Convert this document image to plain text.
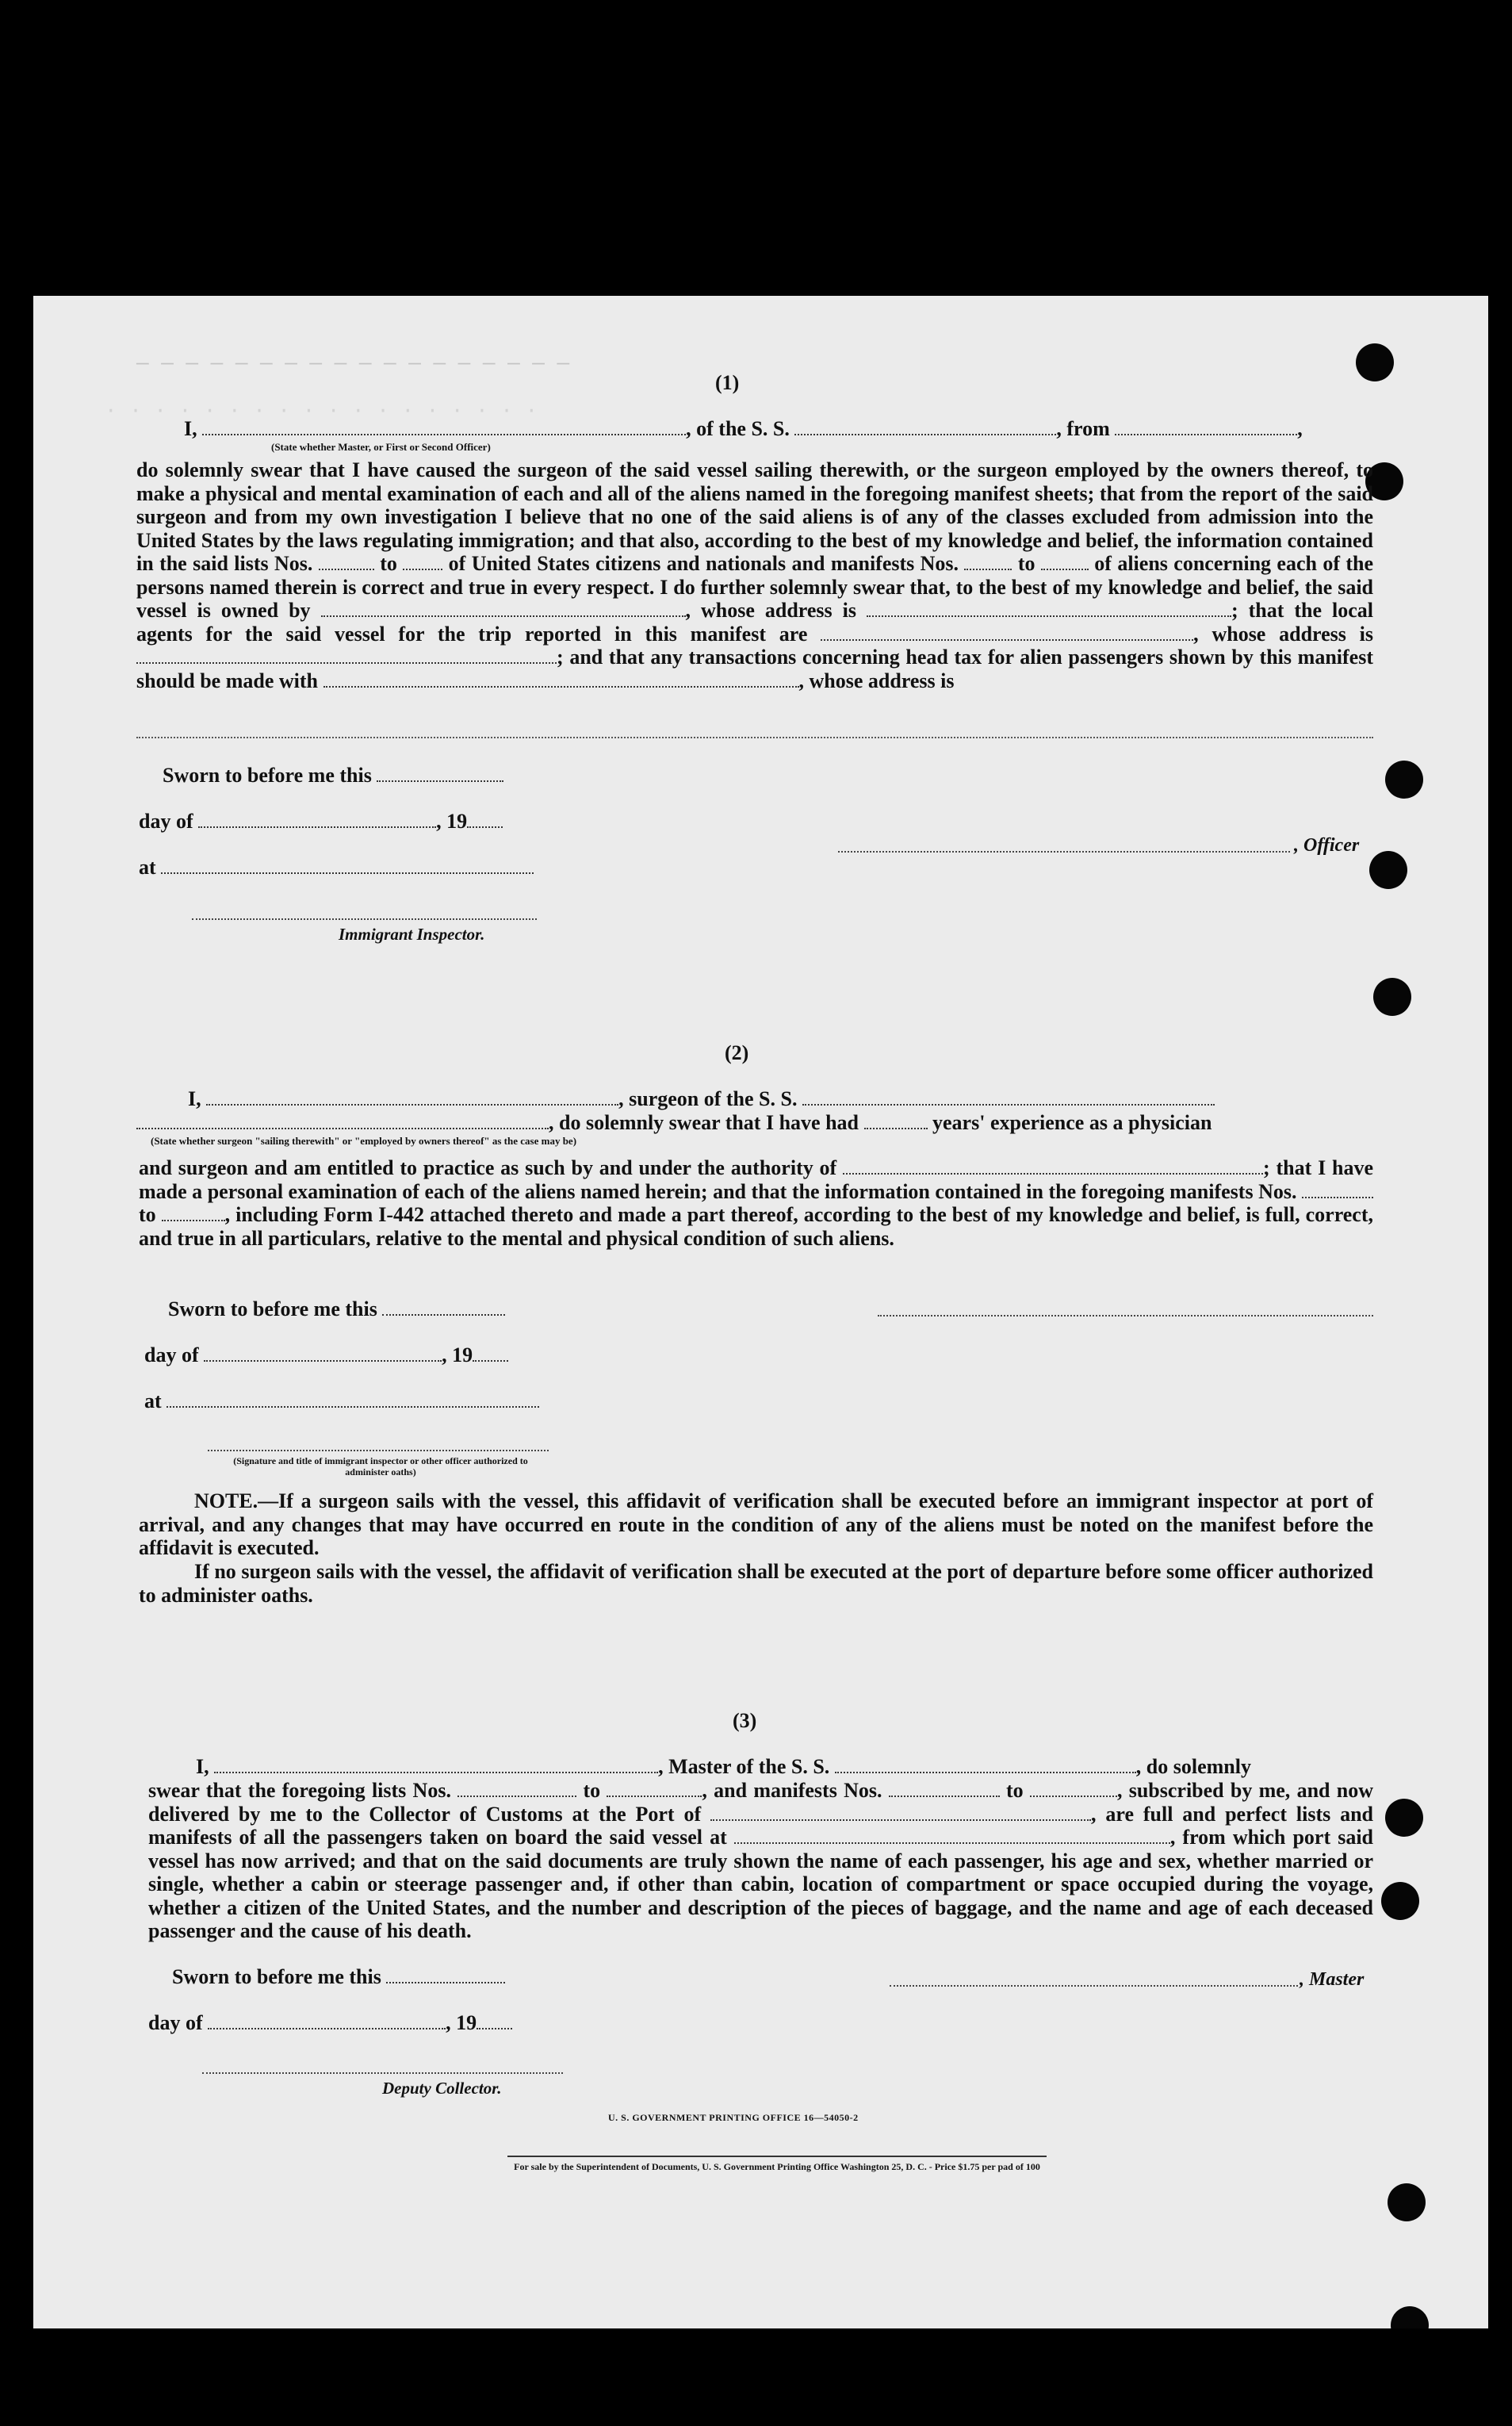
— — — — — — — — — — — — — — — — — —
· · · · · · · · · · · · · · · · · ·
(1)
I,	, of the S. S.	, from	,
(State whether Master, or First or Second Officer)
do solemnly swear that I have caused the surgeon of the said vessel sailing therewith, or the surgeon employed by the owners thereof, to make a physical and mental examination of each and all of the aliens named in the foregoing manifest sheets; that from the report of the said surgeon and from my own investigation I believe that no one of the said aliens is of any of the classes excluded from admission into the United States by the laws regulating immigration; and that also, according to the best of my knowledge and belief, the information contained in the said lists Nos.	to of United States citizens and nationals and manifests Nos.	to	of aliens concerning each of the persons named therein is correct and true in every respect. I do further solemnly swear that, to the best of my knowledge and belief, the said vessel is owned by	, whose address is	; that the local agents for the said vessel for the trip reported in this manifest are	, whose address is ; and that any transactions concerning head tax for alien passengers shown by this manifest should be made with	, whose address is
Sworn to before me this
day of	, 19
at
Immigrant Inspector.
, Officer
(2)
I,	, surgeon of the S. S.
, do solemnly swear that I have had	years' experience as a physician
(State whether surgeon "sailing therewith" or "employed by owners thereof" as the case may be)
and surgeon and am entitled to practice as such by and under the authority of	; that I have made a personal examination of each of the aliens named herein; and that the information contained in the foregoing manifests Nos.  to	, including Form I-442 attached thereto and made a part thereof, according to the best of my knowledge and belief, is full, correct, and true in all particulars, relative to the mental and physical condition of such aliens.
Sworn to before me this
day of	, 19
at
(Signature and title of immigrant inspector or other officer authorized to administer oaths)
NOTE.—If a surgeon sails with the vessel, this affidavit of verification shall be executed before an immigrant inspector at port of arrival, and any changes that may have occurred en route in the condition of any of the aliens must be noted on the manifest before the affidavit is executed.
If no surgeon sails with the vessel, the affidavit of verification shall be executed at the port of departure before some officer authorized to administer oaths.
(3)
I,	, Master of the S. S.	, do solemnly
swear that the foregoing lists Nos.	to	, and manifests Nos.	to	, subscribed by me, and now delivered by me to the Collector of Customs at the Port of	, are full and perfect lists and manifests of all the passengers taken on board the said vessel at	, from which port said vessel has now arrived; and that on the said documents are truly shown the name of each passenger, his age and sex, whether married or single, whether a cabin or steerage passenger and, if other than cabin, location of compartment or space occupied during the voyage, whether a citizen of the United States, and the number and description of the pieces of baggage, and the name and age of each deceased passenger and the cause of his death.
Sworn to before me this
day of	, 19
Deputy Collector.
, Master
U. S. GOVERNMENT PRINTING OFFICE 16—54050-2
For sale by the Superintendent of Documents, U. S. Government Printing Office Washington 25, D. C. - Price $1.75 per pad of 100
